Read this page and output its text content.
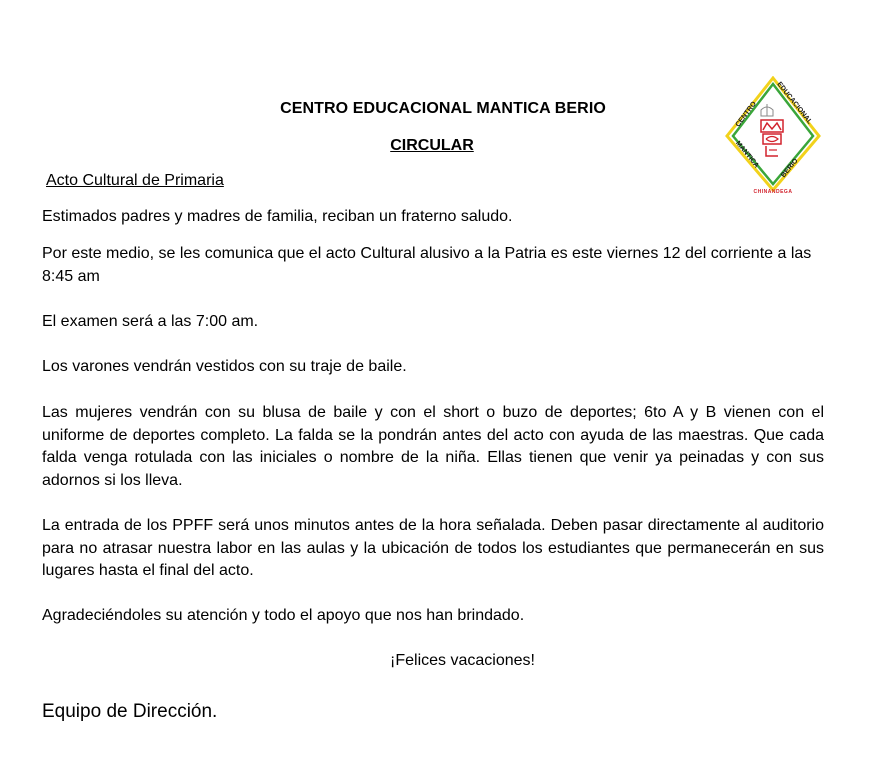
CENTRO
EDUCACIONAL
MANTICA
BERIO
CHINANDEGA
CENTRO EDUCACIONAL MANTICA BERIO
CIRCULAR
Acto Cultural de Primaria

Estimados padres y madres de familia, reciban un fraterno saludo.

Por este medio, se les comunica que el acto Cultural alusivo a la Patria es este viernes 12 del corriente a las 8:45 am

El examen será a las 7:00 am.

Los varones vendrán vestidos con su traje de baile.

Las mujeres vendrán con su blusa de baile y con el short o buzo de deportes; 6to A y B vienen con el uniforme de deportes completo. La falda se la pondrán antes del acto con ayuda de las maestras. Que cada falda venga rotulada con las iniciales o nombre de la niña. Ellas tienen que venir ya peinadas y con sus adornos si los lleva.

La entrada de los PPFF será unos minutos antes de la hora señalada. Deben pasar directamente al auditorio para no atrasar nuestra labor en las aulas y la ubicación de todos los estudiantes que permanecerán en sus lugares hasta el final del acto.

Agradeciéndoles su atención y todo el apoyo que nos han brindado.

¡Felices vacaciones!
Equipo de Dirección.
